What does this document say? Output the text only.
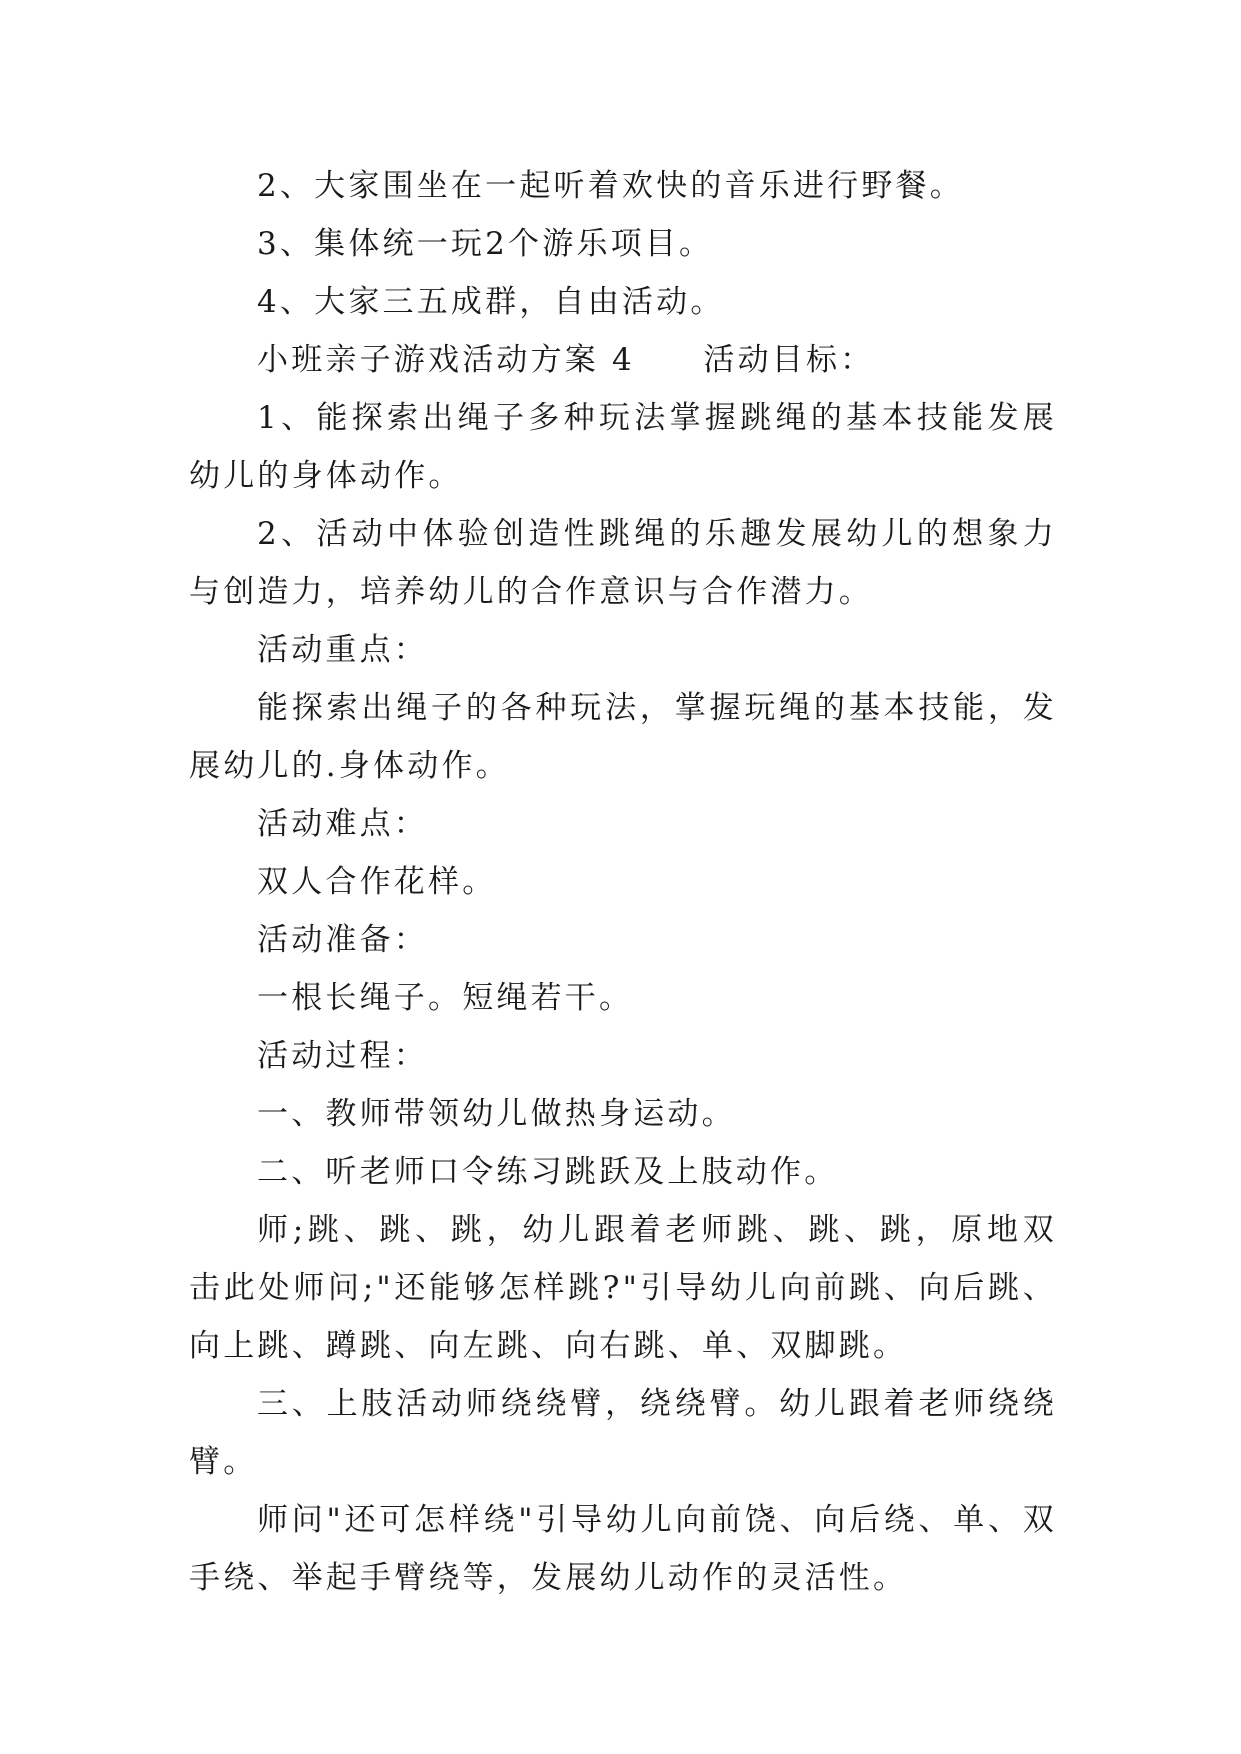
2、大家围坐在一起听着欢快的音乐进行野餐。

3、集体统一玩2个游乐项目。

4、大家三五成群，自由活动。

小班亲子游戏活动方案 4　　活动目标：

1、能探索出绳子多种玩法掌握跳绳的基本技能发展幼儿的身体动作。

2、活动中体验创造性跳绳的乐趣发展幼儿的想象力与创造力，培养幼儿的合作意识与合作潜力。

活动重点：

能探索出绳子的各种玩法，掌握玩绳的基本技能，发展幼儿的.身体动作。

活动难点：

双人合作花样。

活动准备：

一根长绳子。短绳若干。

活动过程：

一、教师带领幼儿做热身运动。

二、听老师口令练习跳跃及上肢动作。

师;跳、跳、跳，幼儿跟着老师跳、跳、跳，原地双击此处师问;"还能够怎样跳?"引导幼儿向前跳、向后跳、向上跳、蹲跳、向左跳、向右跳、单、双脚跳。

三、上肢活动师绕绕臂，绕绕臂。幼儿跟着老师绕绕臂。

师问"还可怎样绕"引导幼儿向前饶、向后绕、单、双手绕、举起手臂绕等，发展幼儿动作的灵活性。
